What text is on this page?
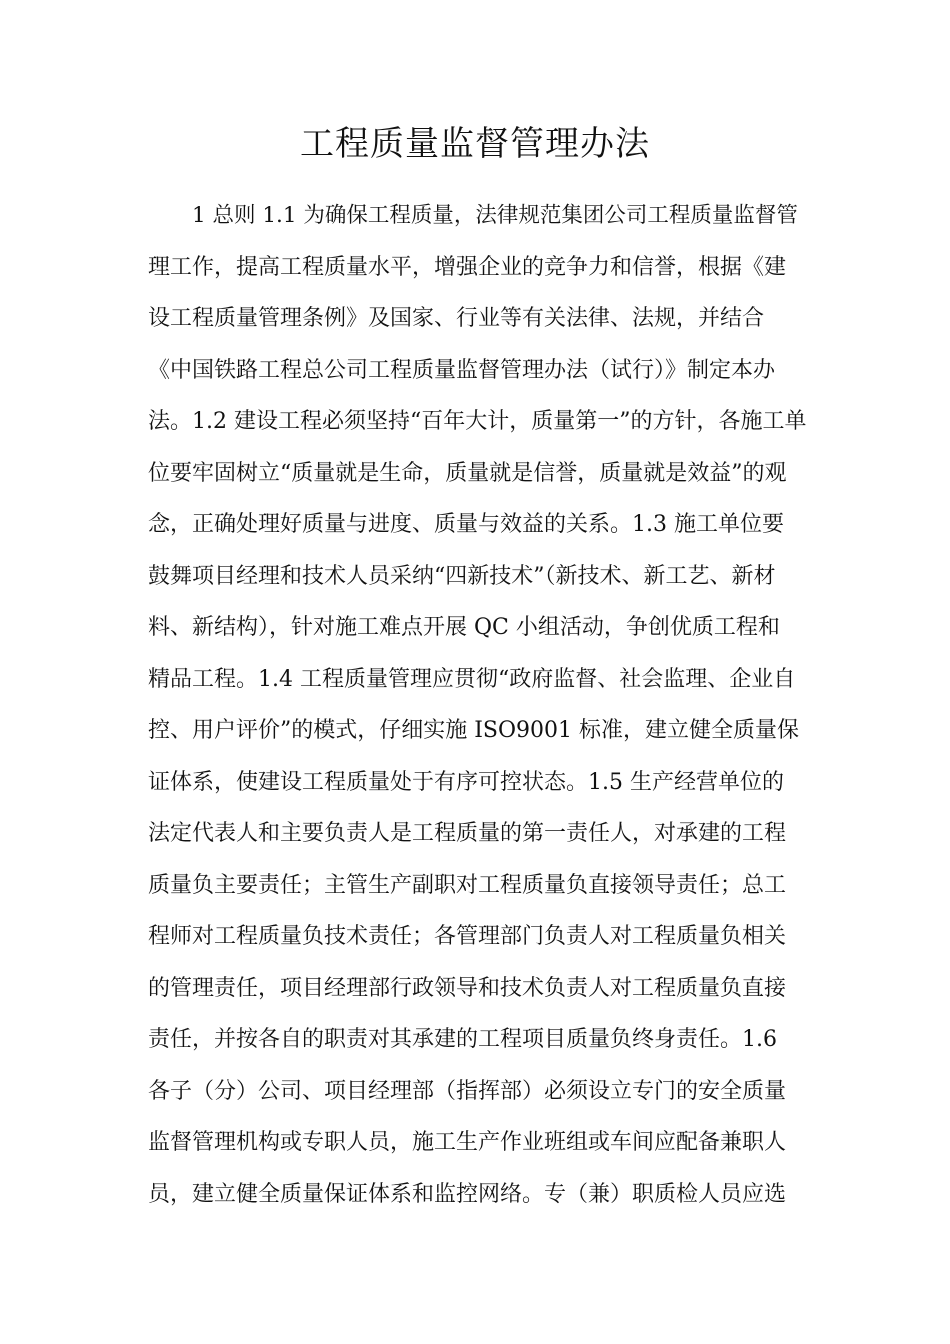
工程质量监督管理办法
1 总则 1.1 为确保工程质量，法律规范集团公司工程质量监督管
理工作，提高工程质量水平，增强企业的竞争力和信誉，根据《建
设工程质量管理条例》及国家、行业等有关法律、法规，并结合
《中国铁路工程总公司工程质量监督管理办法（试行）》制定本办
法。1.2 建设工程必须坚持“百年大计，质量第一”的方针，各施工单
位要牢固树立“质量就是生命，质量就是信誉，质量就是效益”的观
念，正确处理好质量与进度、质量与效益的关系。1.3 施工单位要
鼓舞项目经理和技术人员采纳“四新技术”（新技术、新工艺、新材
料、新结构），针对施工难点开展 QC 小组活动，争创优质工程和
精品工程。1.4 工程质量管理应贯彻“政府监督、社会监理、企业自
控、用户评价”的模式，仔细实施 ISO9001 标准，建立健全质量保
证体系，使建设工程质量处于有序可控状态。1.5 生产经营单位的
法定代表人和主要负责人是工程质量的第一责任人，对承建的工程
质量负主要责任；主管生产副职对工程质量负直接领导责任；总工
程师对工程质量负技术责任；各管理部门负责人对工程质量负相关
的管理责任，项目经理部行政领导和技术负责人对工程质量负直接
责任，并按各自的职责对其承建的工程项目质量负终身责任。1.6
各子（分）公司、项目经理部（指挥部）必须设立专门的安全质量
监督管理机构或专职人员，施工生产作业班组或车间应配备兼职人
员，建立健全质量保证体系和监控网络。专（兼）职质检人员应选
